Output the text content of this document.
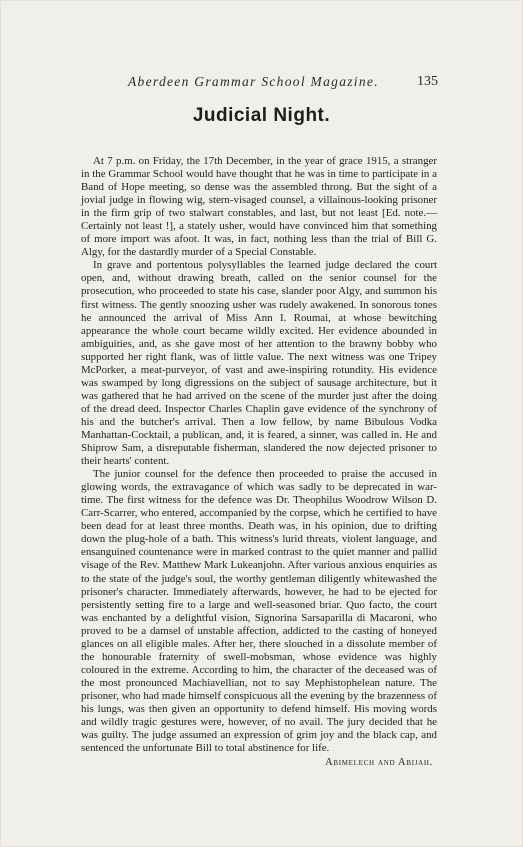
Aberdeen Grammar School Magazine.	135
Judicial Night.

At 7 p.m. on Friday, the 17th December, in the year of grace 1915, a stranger in the Grammar School would have thought that he was in time to participate in a Band of Hope meeting, so dense was the assembled throng. But the sight of a jovial judge in flowing wig, stern-visaged counsel, a villainous-looking prisoner in the firm grip of two stalwart constables, and last, but not least [Ed. note.—Certainly not least !], a stately usher, would have convinced him that something of more import was afoot. It was, in fact, nothing less than the trial of Bill G. Algy, for the dastardly murder of a Special Constable.

In grave and portentous polysyllables the learned judge declared the court open, and, without drawing breath, called on the senior counsel for the prosecution, who proceeded to state his case, slander poor Algy, and summon his first witness. The gently snoozing usher was rudely awakened. In sonorous tones he announced the arrival of Miss Ann I. Roumai, at whose bewitching appearance the whole court became wildly excited. Her evidence abounded in ambiguities, and, as she gave most of her attention to the brawny bobby who supported her right flank, was of little value. The next witness was one Tripey McPorker, a meat-purveyor, of vast and awe-inspiring rotundity. His evidence was swamped by long digressions on the subject of sausage architecture, but it was gathered that he had arrived on the scene of the murder just after the doing of the dread deed. Inspector Charles Chaplin gave evidence of the synchrony of his and the butcher's arrival. Then a low fellow, by name Bibulous Vodka Manhattan-Cocktail, a publican, and, it is feared, a sinner, was called in. He and Shiprow Sam, a disreputable fisherman, slandered the now dejected prisoner to their hearts' content.

The junior counsel for the defence then proceeded to praise the accused in glowing words, the extravagance of which was sadly to be deprecated in war-time. The first witness for the defence was Dr. Theophilus Woodrow Wilson D. Carr-Scarrer, who entered, accompanied by the corpse, which he certified to have been dead for at least three months. Death was, in his opinion, due to drifting down the plug-hole of a bath. This witness's lurid threats, violent language, and ensanguined countenance were in marked contrast to the quiet manner and pallid visage of the Rev. Matthew Mark Lukeanjohn. After various anxious enquiries as to the state of the judge's soul, the worthy gentleman diligently whitewashed the prisoner's character. Immediately afterwards, however, he had to be ejected for persistently setting fire to a large and well-seasoned briar. Quo facto, the court was enchanted by a delightful vision, Signorina Sarsaparilla di Macaroni, who proved to be a damsel of unstable affection, addicted to the casting of honeyed glances on all eligible males. After her, there slouched in a dissolute member of the honourable fraternity of swell-mobsman, whose evidence was highly coloured in the extreme. According to him, the character of the deceased was of the most pronounced Machiavellian, not to say Mephistophelean nature. The prisoner, who had made himself conspicuous all the evening by the brazenness of his lungs, was then given an opportunity to defend himself. His moving words and wildly tragic gestures were, however, of no avail. The jury decided that he was guilty. The judge assumed an expression of grim joy and the black cap, and sentenced the unfortunate Bill to total abstinence for life.

Abimelech and Abijah.
